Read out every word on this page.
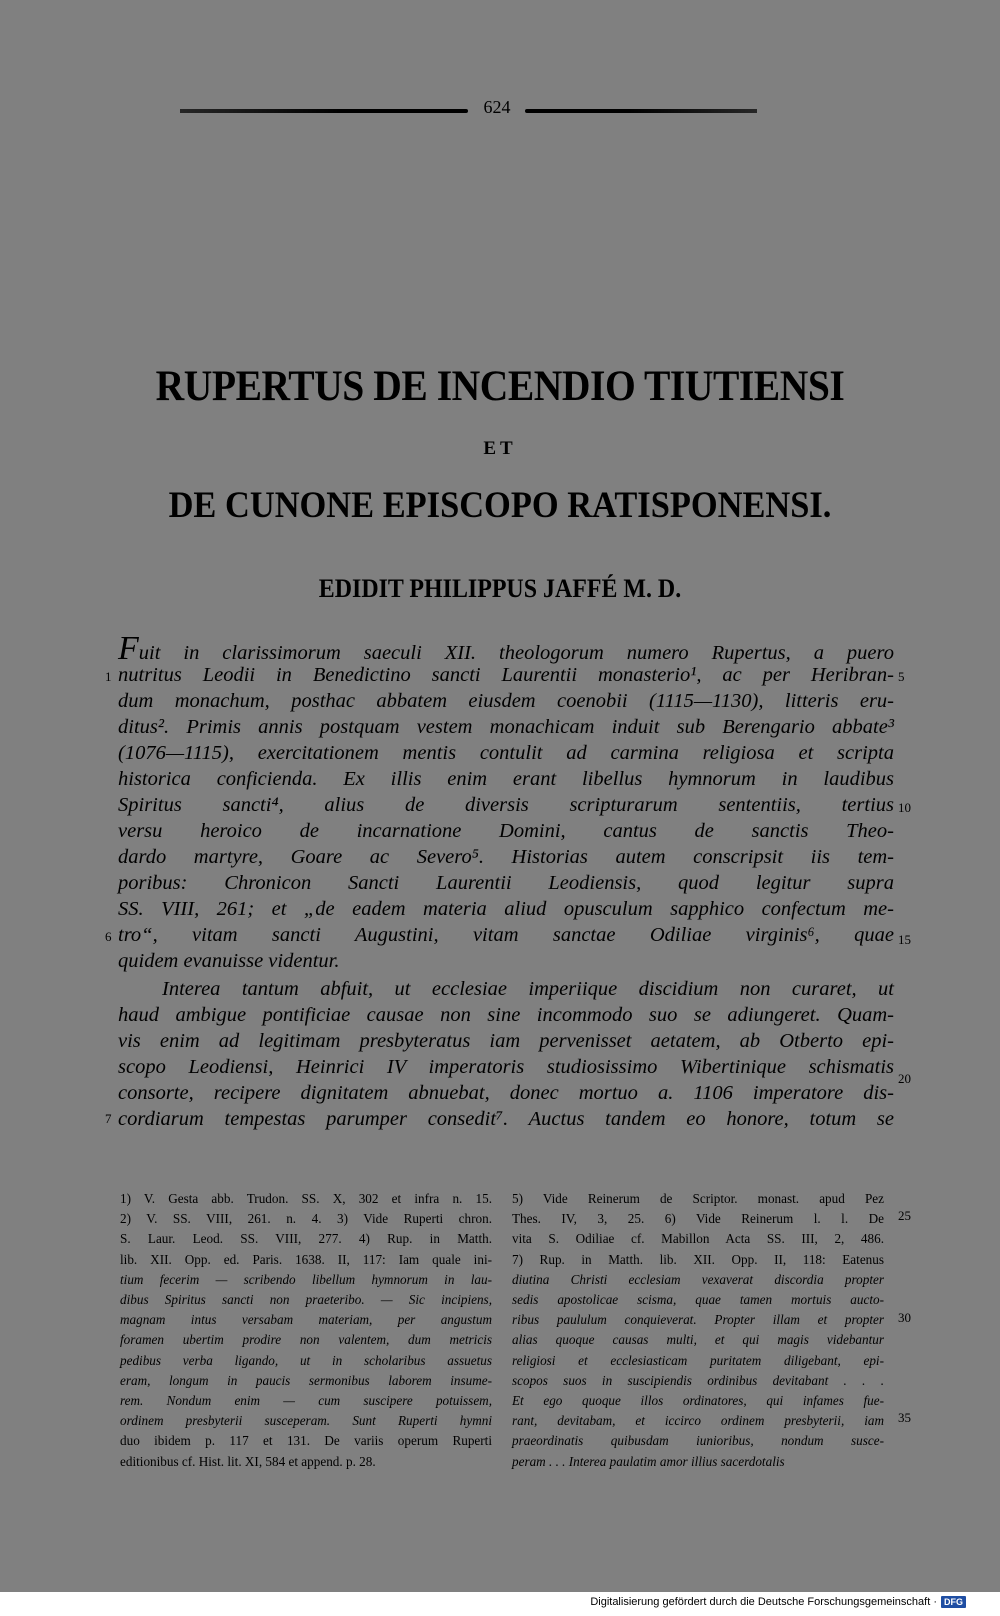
624
RUPERTUS DE INCENDIO TIUTIENSI
ET
DE CUNONE EPISCOPO RATISPONENSI.
EDIDIT PHILIPPUS JAFFÉ M. D.
Fuit in clarissimorum saeculi XII. theologorum numero Rupertus, a puero
nutritus Leodii in Benedictino sancti Laurentii monasterio¹, ac per Heribran-
dum monachum, posthac abbatem eiusdem coenobii (1115—1130), litteris eru-
ditus². Primis annis postquam vestem monachicam induit sub Berengario abbate³
(1076—1115), exercitationem mentis contulit ad carmina religiosa et scripta
historica conficienda. Ex illis enim erant libellus hymnorum in laudibus
Spiritus sancti⁴, alius de diversis scripturarum sententiis, tertius
versu heroico de incarnatione Domini, cantus de sanctis Theo-
dardo martyre, Goare ac Severo⁵. Historias autem conscripsit iis tem-
poribus: Chronicon Sancti Laurentii Leodiensis, quod legitur supra
SS. VIII, 261; et „de eadem materia aliud opusculum sapphico confectum me-
tro“, vitam sancti Augustini, vitam sanctae Odiliae virginis⁶, quae
quidem evanuisse videntur.
Interea tantum abfuit, ut ecclesiae imperiique discidium non curaret, ut
haud ambigue pontificiae causae non sine incommodo suo se adiungeret. Quam-
vis enim ad legitimam presbyteratus iam pervenisset aetatem, ab Otberto epi-
scopo Leodiensi, Heinrici IV imperatoris studiosissimo Wibertinique schismatis
consorte, recipere dignitatem abnuebat, donec mortuo a. 1106 imperatore dis-
cordiarum tempestas parumper consedit⁷. Auctus tandem eo honore, totum se
1
6
7
5
10
15
20
25
30
35

1) V. Gesta abb. Trudon. SS. X, 302 et infra n. 15.

2) V. SS. VIII, 261. n. 4. 3) Vide Ruperti chron.

S. Laur. Leod. SS. VIII, 277. 4) Rup. in Matth.

lib. XII. Opp. ed. Paris. 1638. II, 117: Iam quale ini-

tium fecerim — scribendo libellum hymnorum in lau-

dibus Spiritus sancti non praeteribo. — Sic incipiens,

magnam intus versabam materiam, per angustum

foramen ubertim prodire non valentem, dum metricis

pedibus verba ligando, ut in scholaribus assuetus

eram, longum in paucis sermonibus laborem insume-

rem. Nondum enim — cum suscipere potuissem,

ordinem presbyterii susceperam. Sunt Ruperti hymni

duo ibidem p. 117 et 131. De variis operum Ruperti

editionibus cf. Hist. lit. XI, 584 et append. p. 28.

5) Vide Reinerum de Scriptor. monast. apud Pez

Thes. IV, 3, 25. 6) Vide Reinerum l. l. De

vita S. Odiliae cf. Mabillon Acta SS. III, 2, 486.

7) Rup. in Matth. lib. XII. Opp. II, 118: Eatenus

diutina Christi ecclesiam vexaverat discordia propter

sedis apostolicae scisma, quae tamen mortuis aucto-

ribus paululum conquieverat. Propter illam et propter

alias quoque causas multi, et qui magis videbantur

religiosi et ecclesiasticam puritatem diligebant, epi-

scopos suos in suscipiendis ordinibus devitabant . . .

Et ego quoque illos ordinatores, qui infames fue-

rant, devitabam, et iccirco ordinem presbyterii, iam

praeordinatis quibusdam iunioribus, nondum susce-

peram . . . Interea paulatim amor illius sacerdotalis

Digitalisierung gefördert durch die Deutsche Forschungsgemeinschaft · DFG
